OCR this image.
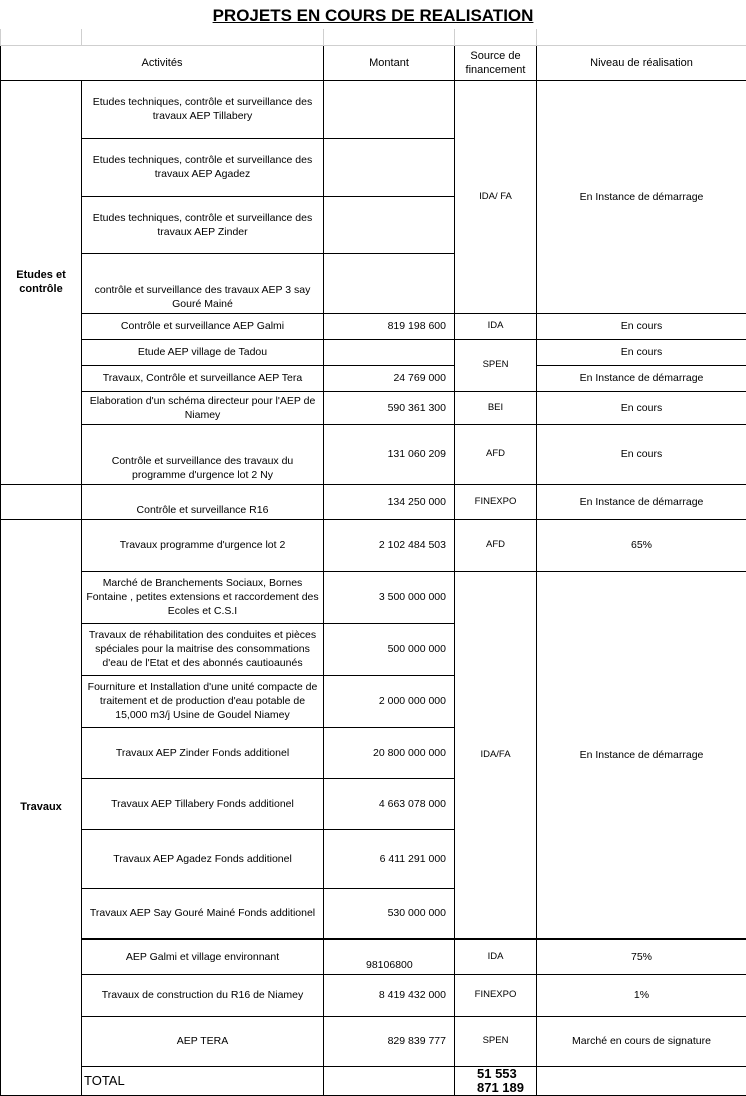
PROJETS EN COURS DE REALISATION

Activités		Montant	Source de financement	Niveau de réalisation	
Etudes et contrôle	Etudes techniques, contrôle et surveillance des travaux AEP Tillabery		IDA/ FA	En Instance de démarrage	
	Etudes techniques, contrôle et surveillance des travaux AEP Agadez				
	Etudes techniques, contrôle et surveillance des travaux AEP Zinder				
	contrôle et surveillance des travaux AEP 3 say Gouré Mainé				
	Contrôle et surveillance AEP Galmi	819 198 600	IDA	En cours	
	Etude AEP village de Tadou		SPEN	En cours	
	Travaux, Contrôle et surveillance AEP Tera	24 769 000		En Instance de démarrage	
	Elaboration d'un schéma directeur pour l'AEP de Niamey	590 361 300	BEI	En cours	
	Contrôle et surveillance des travaux du programme d'urgence lot 2 Ny	131 060 209	AFD	En cours	
	Contrôle et surveillance R16	134 250 000	FINEXPO	En Instance de démarrage	
Travaux	Travaux programme d'urgence lot 2	2 102 484 503	AFD	65%	
	Marché de Branchements Sociaux, Bornes Fontaine , petites extensions et raccordement des Ecoles et C.S.I	3 500 000 000	IDA/FA	En Instance de démarrage	
	Travaux de réhabilitation des conduites et pièces spéciales pour la maitrise des consommations d'eau de l'Etat et des abonnés cautioaunés	500 000 000			
	Fourniture et Installation d'une unité compacte de traitement et de production d'eau potable de 15,000 m3/j Usine de Goudel Niamey	2 000 000 000			
	Travaux AEP Zinder Fonds additionel	20 800 000 000			
	Travaux AEP Tillabery Fonds additionel	4 663 078 000			
	Travaux AEP Agadez Fonds additionel	6 411 291 000			
	Travaux AEP Say Gouré Mainé Fonds additionel	530 000 000			
	AEP Galmi et village environnant	98106800	IDA	75%	
	Travaux de construction du R16 de Niamey	8 419 432 000	FINEXPO	1%	
	AEP TERA	829 839 777	SPEN	Marché en cours de signature	
	TOTAL		51 553 871 189		
